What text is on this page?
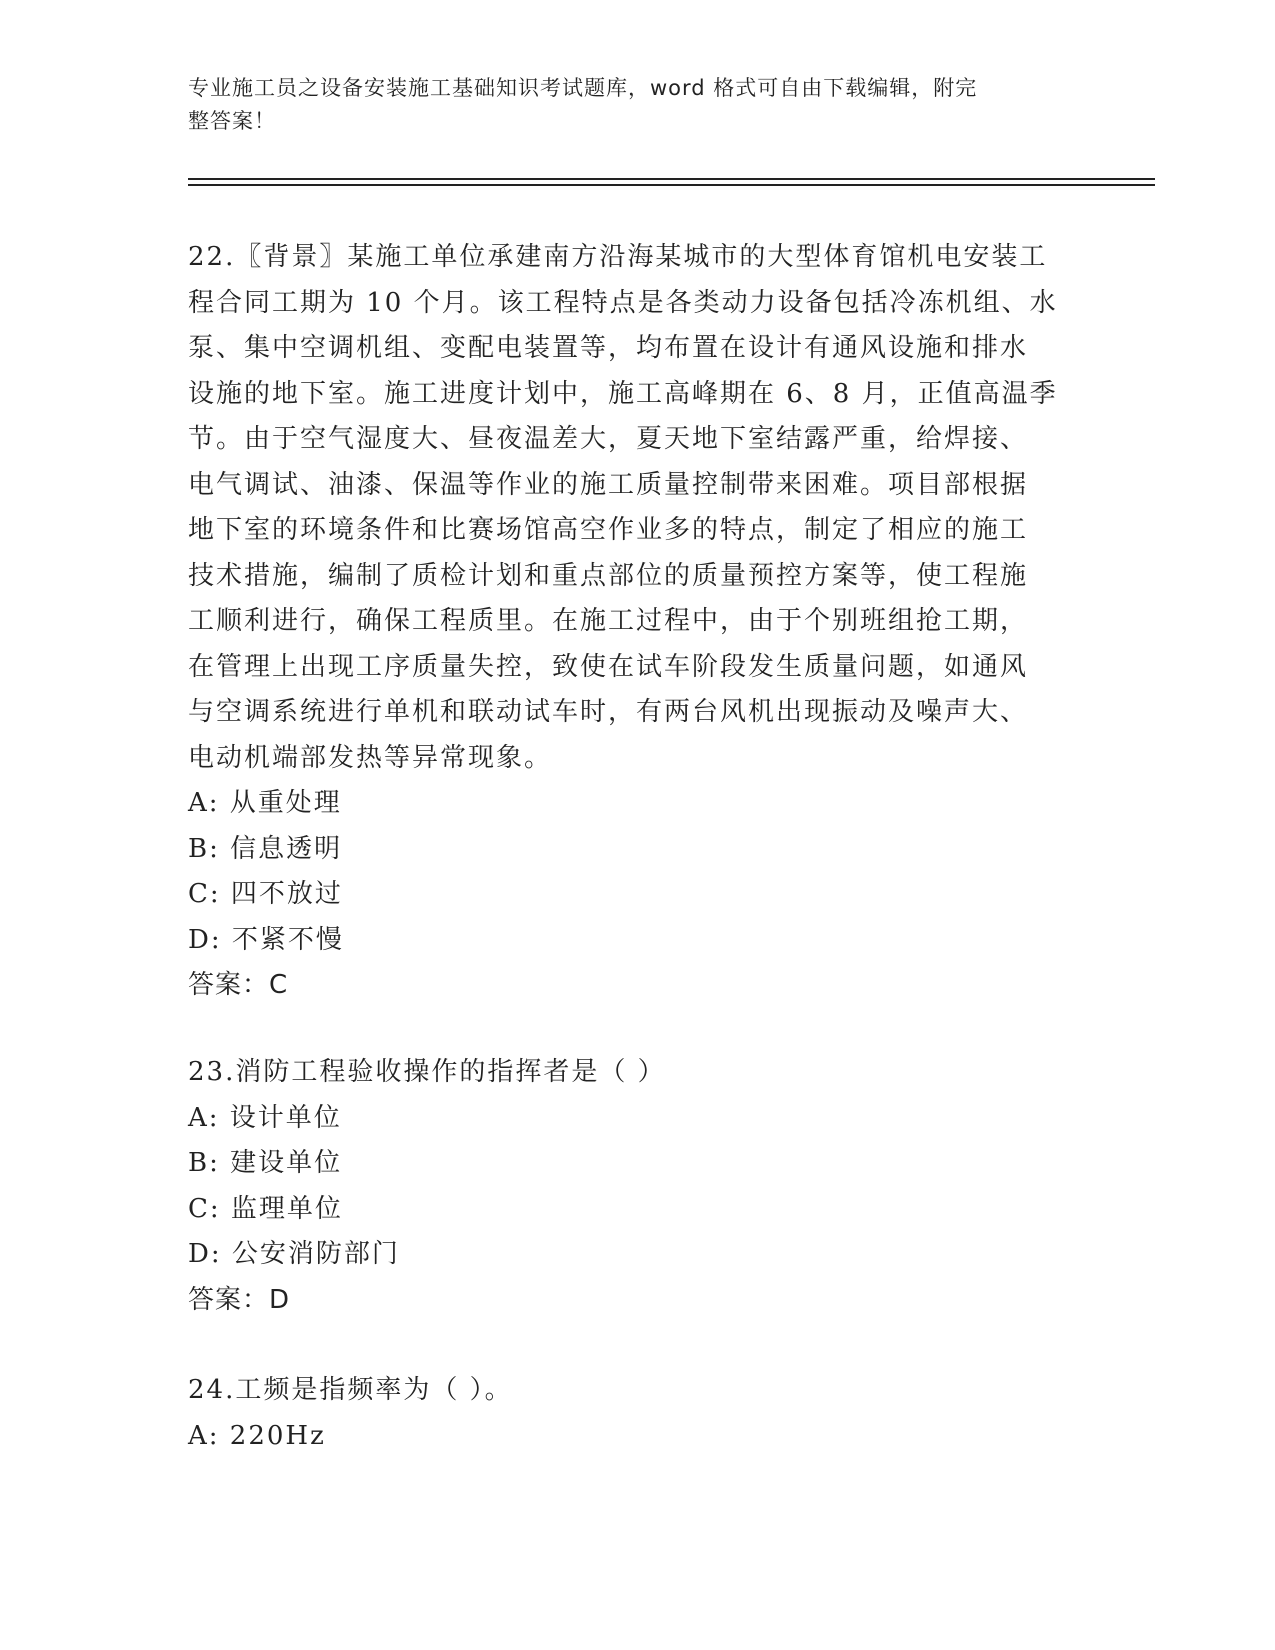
专业施工员之设备安装施工基础知识考试题库，word 格式可自由下载编辑，附完
整答案！

22.〖背景〗某施工单位承建南方沿海某城市的大型体育馆机电安装工

程合同工期为 10 个月。该工程特点是各类动力设备包括冷冻机组、水

泵、集中空调机组、变配电装置等，均布置在设计有通风设施和排水

设施的地下室。施工进度计划中，施工高峰期在 6、8 月，正值高温季

节。由于空气湿度大、昼夜温差大，夏天地下室结露严重，给焊接、

电气调试、油漆、保温等作业的施工质量控制带来困难。项目部根据

地下室的环境条件和比赛场馆高空作业多的特点，制定了相应的施工

技术措施，编制了质检计划和重点部位的质量预控方案等，使工程施

工顺利进行，确保工程质里。在施工过程中，由于个别班组抢工期，

在管理上出现工序质量失控，致使在试车阶段发生质量问题，如通风

与空调系统进行单机和联动试车时，有两台风机出现振动及噪声大、

电动机端部发热等异常现象。

A: 从重处理

B: 信息透明

C: 四不放过

D: 不紧不慢

答案：C

23.消防工程验收操作的指挥者是（ ）

A: 设计单位

B: 建设单位

C: 监理单位

D: 公安消防部门

答案：D

24.工频是指频率为（ ）。

A: 220Hz
